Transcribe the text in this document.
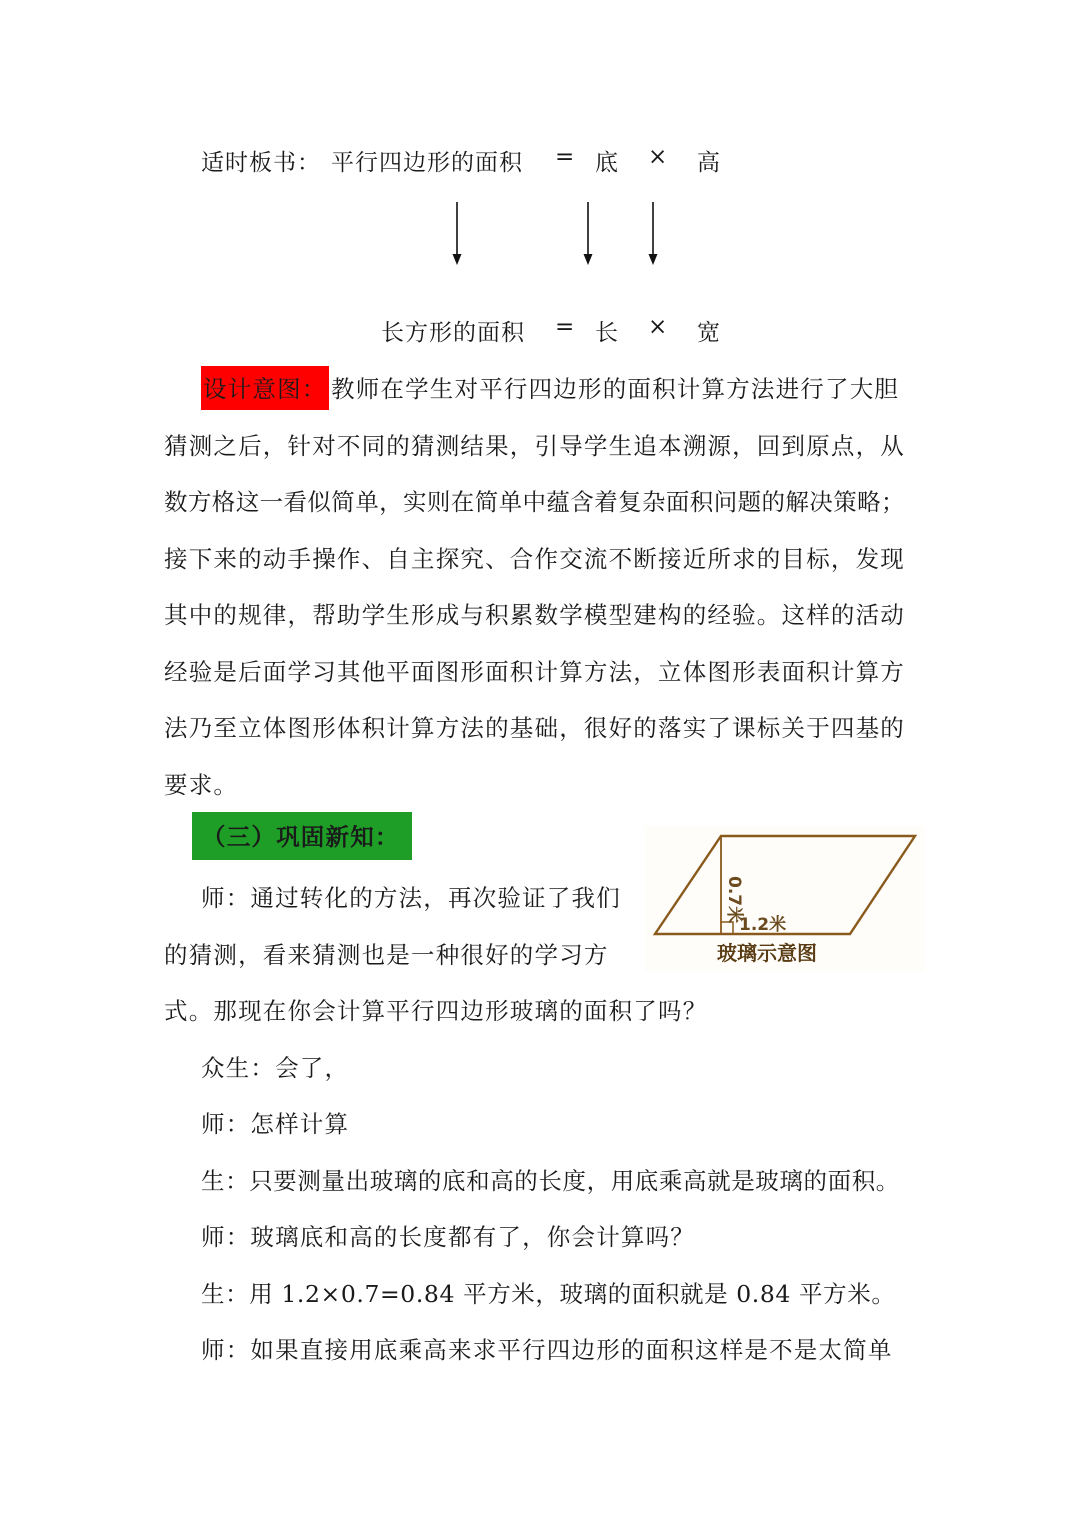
适时板书： 平行四边形的面积 = 底 × 高
长方形的面积 = 长 × 宽
设计意图： 教师在学生对平行四边形的面积计算方法进行了大胆
猜测之后，针对不同的猜测结果，引导学生追本溯源，回到原点，从
数方格这一看似简单，实则在简单中蕴含着复杂面积问题的解决策略；
接下来的动手操作、自主探究、合作交流不断接近所求的目标，发现
其中的规律，帮助学生形成与积累数学模型建构的经验。这样的活动
经验是后面学习其他平面图形面积计算方法，立体图形表面积计算方
法乃至立体图形体积计算方法的基础，很好的落实了课标关于四基的
要求。
（三）巩固新知：
师：通过转化的方法，再次验证了我们
的猜测，看来猜测也是一种很好的学习方
式。那现在你会计算平行四边形玻璃的面积了吗？
0.7米
1.2米
玻璃示意图
众生：会了，
师：怎样计算
生：只要测量出玻璃的底和高的长度，用底乘高就是玻璃的面积。
师：玻璃底和高的长度都有了，你会计算吗？
生：用 1.2×0.7=0.84 平方米，玻璃的面积就是 0.84 平方米。
师：如果直接用底乘高来求平行四边形的面积这样是不是太简单
